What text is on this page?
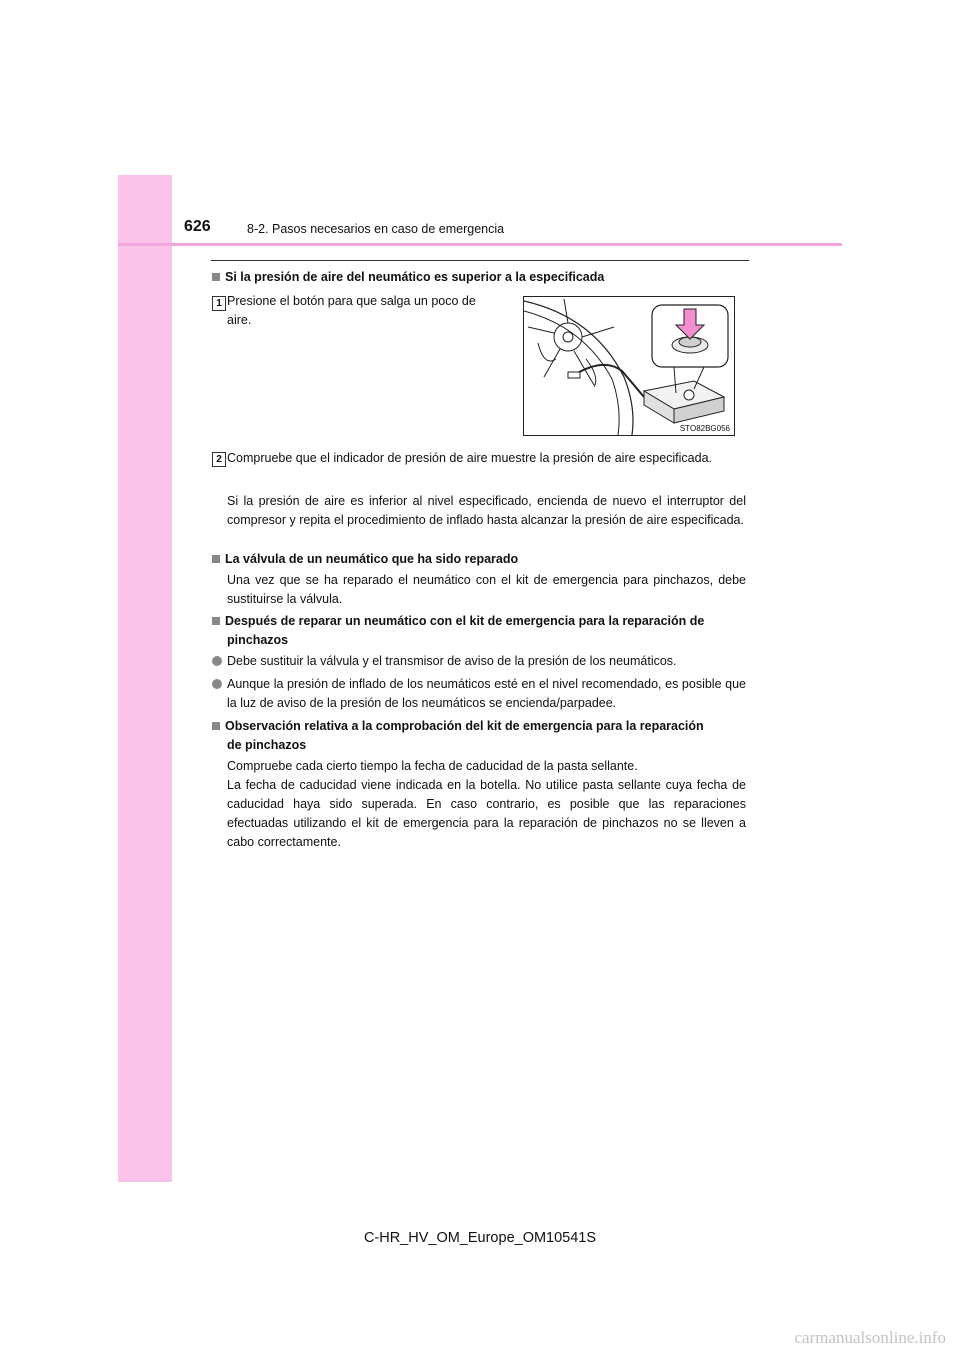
626	8-2. Pasos necesarios en caso de emergencia
Si la presión de aire del neumático es superior a la especificada
1 Presione el botón para que salga un poco de
aire.
STO82BG056
2 Compruebe que el indicador de presión de aire muestre la presión de aire especificada.
Si la presión de aire es inferior al nivel especificado, encienda de nuevo el interruptor del compresor y repita el procedimiento de inflado hasta alcanzar la presión de aire especificada.
La válvula de un neumático que ha sido reparado
Una vez que se ha reparado el neumático con el kit de emergencia para pinchazos, debe sustituirse la válvula.
Después de reparar un neumático con el kit de emergencia para la reparación de
pinchazos
Debe sustituir la válvula y el transmisor de aviso de la presión de los neumáticos.
Aunque la presión de inflado de los neumáticos esté en el nivel recomendado, es posible que la luz de aviso de la presión de los neumáticos se encienda/parpadee.
Observación relativa a la comprobación del kit de emergencia para la reparación
de pinchazos
Compruebe cada cierto tiempo la fecha de caducidad de la pasta sellante.
La fecha de caducidad viene indicada en la botella. No utilice pasta sellante cuya fecha de caducidad haya sido superada. En caso contrario, es posible que las reparaciones efectuadas utilizando el kit de emergencia para la reparación de pinchazos no se lleven a cabo correctamente.
C-HR_HV_OM_Europe_OM10541S
carmanualsonline.info
